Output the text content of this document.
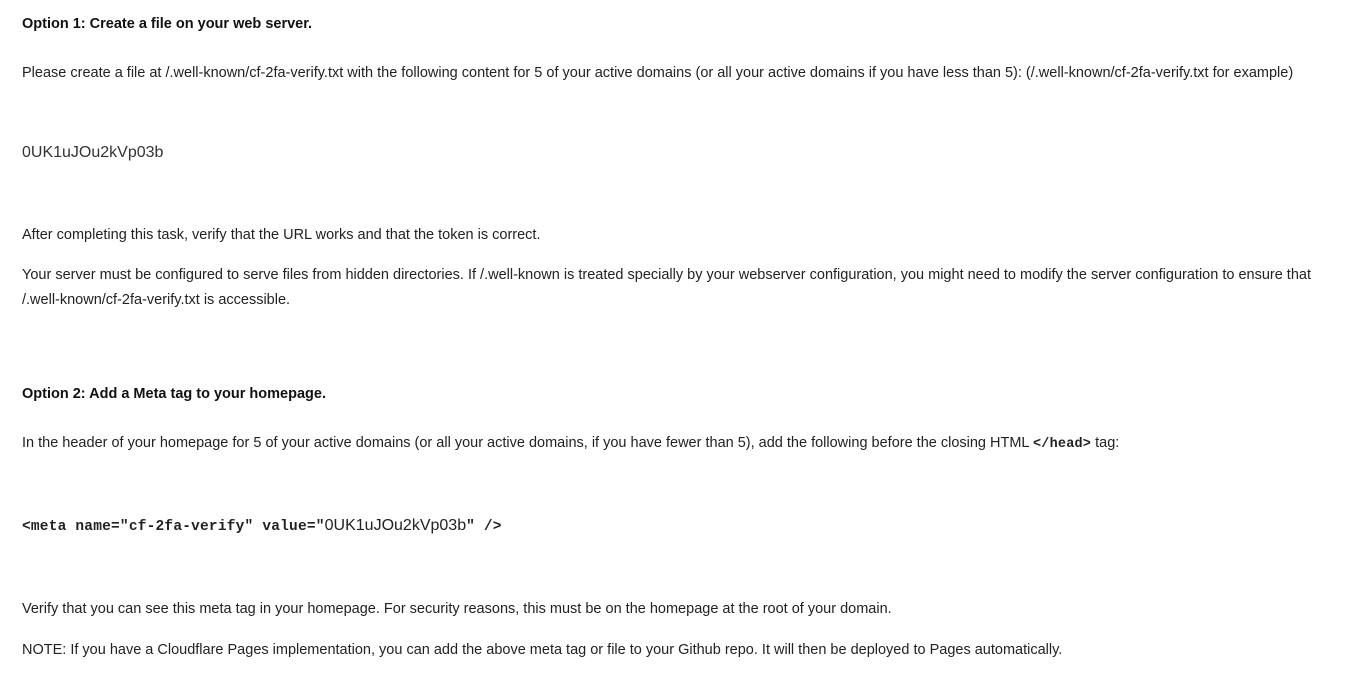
Option 1: Create a file on your web server.
Please create a file at /.well-known/cf-2fa-verify.txt with the following content for 5 of your active domains (or all your active domains if you have less than 5): (/.well-known/cf-2fa-verify.txt for example)
0UK1uJOu2kVp03b
After completing this task, verify that the URL works and that the token is correct.
Your server must be configured to serve files from hidden directories. If /.well-known is treated specially by your webserver configuration, you might need to modify the server configuration to ensure that /.well-known/cf-2fa-verify.txt is accessible.
Option 2: Add a Meta tag to your homepage.
In the header of your homepage for 5 of your active domains (or all your active domains, if you have fewer than 5), add the following before the closing HTML </head> tag:
<meta name="cf-2fa-verify" value="0UK1uJOu2kVp03b" />
Verify that you can see this meta tag in your homepage. For security reasons, this must be on the homepage at the root of your domain.
NOTE: If you have a Cloudflare Pages implementation, you can add the above meta tag or file to your Github repo. It will then be deployed to Pages automatically.
